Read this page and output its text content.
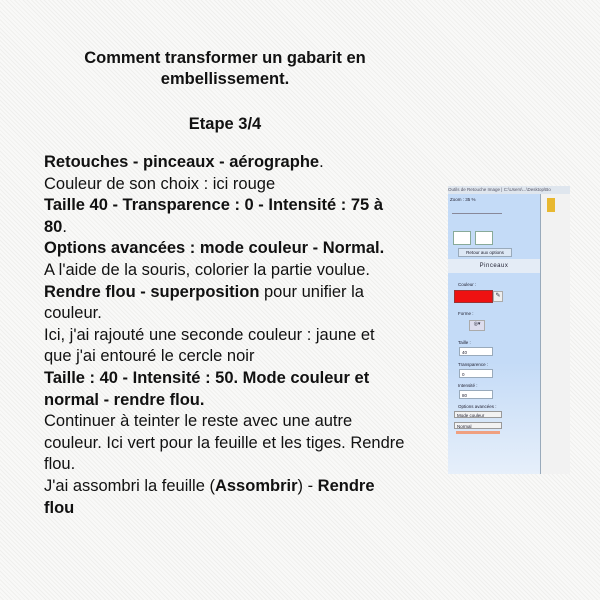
Comment transformer un gabarit en
embellissement.
Etape 3/4

Retouches - pinceaux - aérographe.

Couleur de son choix : ici rouge

Taille 40 - Transparence : 0 - Intensité : 75 à 80.

Options avancées : mode couleur - Normal.

A l'aide de la souris, colorier la partie voulue.

Rendre flou - superposition pour unifier la couleur.

Ici, j'ai rajouté une seconde couleur : jaune et que j'ai entouré le cercle noir

Taille : 40 - Intensité : 50. Mode couleur et normal - rendre flou.

Continuer à teinter le reste avec une autre couleur. Ici vert pour la feuille et les tiges. Rendre flou.

J'ai assombri la feuille (Assombrir) - Rendre flou

Outils de Retouche Image | C:\Users\...\Desktop\Bo
Zoom : 35 %
Retour aux options
Pinceaux
Couleur :
✎
Forme :
◎▾
Taille :
40
Transparence :
0
Intensité :
80
Options avancées :
Mode couleur
Normal
